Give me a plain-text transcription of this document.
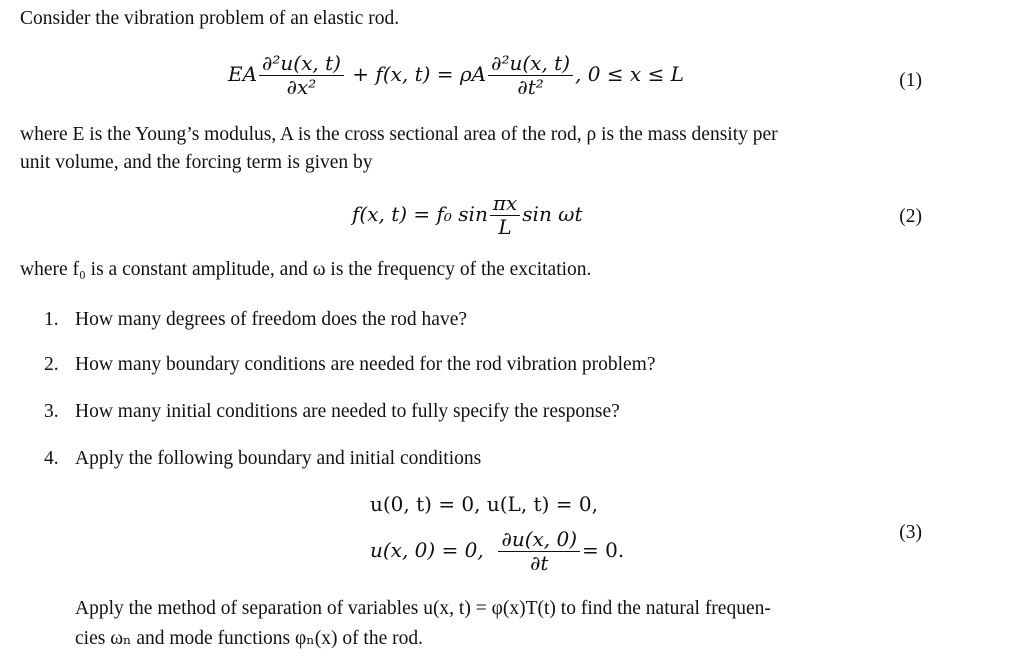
Consider the vibration problem of an elastic rod.
EA $\frac{\text{∂²u(x, t)}}{\text{∂x²}} + f(x$, t) = ρA $\frac{\text{∂²u(x, t)}}{\text{∂t²}}$ , 0 ≤ x ≤ L	(1)
where E is the Young’s modulus, A is the cross sectional area of the rod, ρ is the mass density per
unit volume, and the forcing term is given by
f(x, t) = f₀ $\sin \frac{\pi x}{L}$ sin ωt	(2)
where f₀ is a constant amplitude, and ω is the frequency of the excitation.
1. How many degrees of freedom does the rod have?
2. How many boundary conditions are needed for the rod vibration problem?
3. How many initial conditions are needed to fully specify the response?
4. Apply the following boundary and initial conditions
u(0, t) = 0, u(L, t) = 0,
u(x, 0) = 0, $\frac{\partial u(x, 0)}{\partial t} = 0$.
(3)
Apply the method of separation of variables u(x, t) = φ(x)T(t) to find the natural frequen-
cies ωₙ and mode functions φₙ(x) of the rod.
